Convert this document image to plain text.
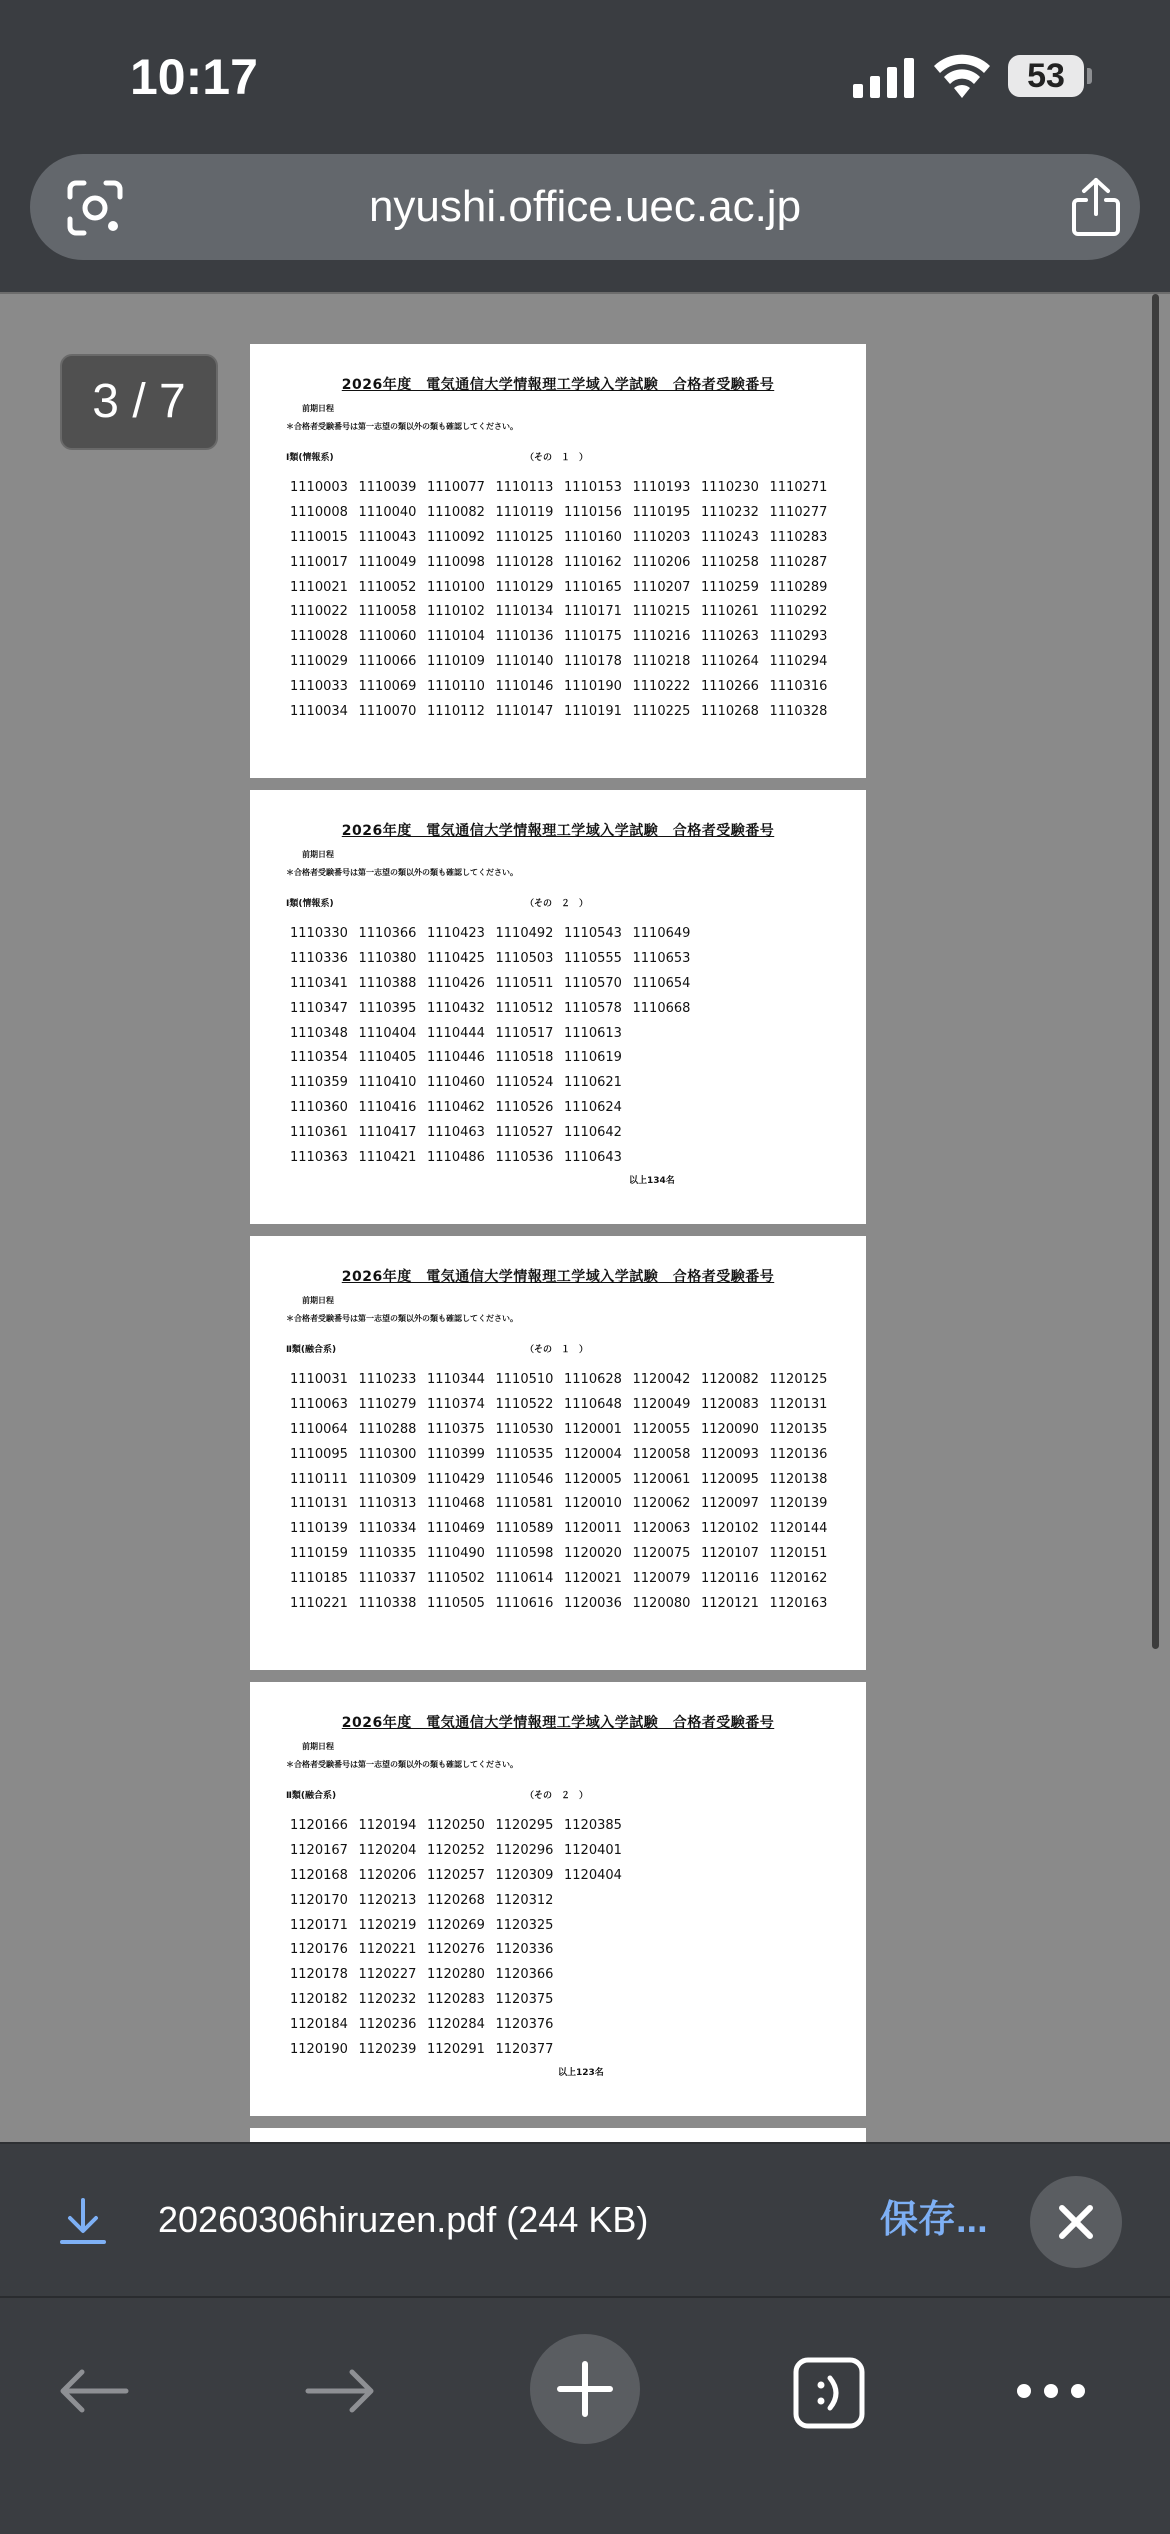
10:17	53
nyushi.office.uec.ac.jp
3 / 7	2026年度　電気通信大学情報理工学域入学試験　合格者受験番号
前期日程
＊合格者受験番号は第一志望の類以外の類も確認してください。
Ⅰ類(情報系)	（その　１　）
1110003 1110039 1110077 1110113 1110153 1110193 1110230 1110271
1110008 1110040 1110082 1110119 1110156 1110195 1110232 1110277
1110015 1110043 1110092 1110125 1110160 1110203 1110243 1110283
1110017 1110049 1110098 1110128 1110162 1110206 1110258 1110287
1110021 1110052 1110100 1110129 1110165 1110207 1110259 1110289
1110022 1110058 1110102 1110134 1110171 1110215 1110261 1110292
1110028 1110060 1110104 1110136 1110175 1110216 1110263 1110293
1110029 1110066 1110109 1110140 1110178 1110218 1110264 1110294
1110033 1110069 1110110 1110146 1110190 1110222 1110266 1110316
1110034 1110070 1110112 1110147 1110191 1110225 1110268 1110328
2026年度　電気通信大学情報理工学域入学試験　合格者受験番号
前期日程
＊合格者受験番号は第一志望の類以外の類も確認してください。
Ⅰ類(情報系)	（その　２　）
1110330 1110366 1110423 1110492 1110543 1110649
1110336 1110380 1110425 1110503 1110555 1110653
1110341 1110388 1110426 1110511 1110570 1110654
1110347 1110395 1110432 1110512 1110578 1110668
1110348 1110404 1110444 1110517 1110613
1110354 1110405 1110446 1110518 1110619
1110359 1110410 1110460 1110524 1110621
1110360 1110416 1110462 1110526 1110624
1110361 1110417 1110463 1110527 1110642
1110363 1110421 1110486 1110536 1110643
以上134名
2026年度　電気通信大学情報理工学域入学試験　合格者受験番号
前期日程
＊合格者受験番号は第一志望の類以外の類も確認してください。
Ⅱ類(融合系)	（その　１　）
1110031 1110233 1110344 1110510 1110628 1120042 1120082 1120125
1110063 1110279 1110374 1110522 1110648 1120049 1120083 1120131
1110064 1110288 1110375 1110530 1120001 1120055 1120090 1120135
1110095 1110300 1110399 1110535 1120004 1120058 1120093 1120136
1110111 1110309 1110429 1110546 1120005 1120061 1120095 1120138
1110131 1110313 1110468 1110581 1120010 1120062 1120097 1120139
1110139 1110334 1110469 1110589 1120011 1120063 1120102 1120144
1110159 1110335 1110490 1110598 1120020 1120075 1120107 1120151
1110185 1110337 1110502 1110614 1120021 1120079 1120116 1120162
1110221 1110338 1110505 1110616 1120036 1120080 1120121 1120163
2026年度　電気通信大学情報理工学域入学試験　合格者受験番号
前期日程
＊合格者受験番号は第一志望の類以外の類も確認してください。
Ⅱ類(融合系)	（その　２　）
1120166 1120194 1120250 1120295 1120385
1120167 1120204 1120252 1120296 1120401
1120168 1120206 1120257 1120309 1120404
1120170 1120213 1120268 1120312
1120171 1120219 1120269 1120325
1120176 1120221 1120276 1120336
1120178 1120227 1120280 1120366
1120182 1120232 1120283 1120375
1120184 1120236 1120284 1120376
1120190 1120239 1120291 1120377
以上123名
20260306hiruzen.pdf (244 KB)	保存...
